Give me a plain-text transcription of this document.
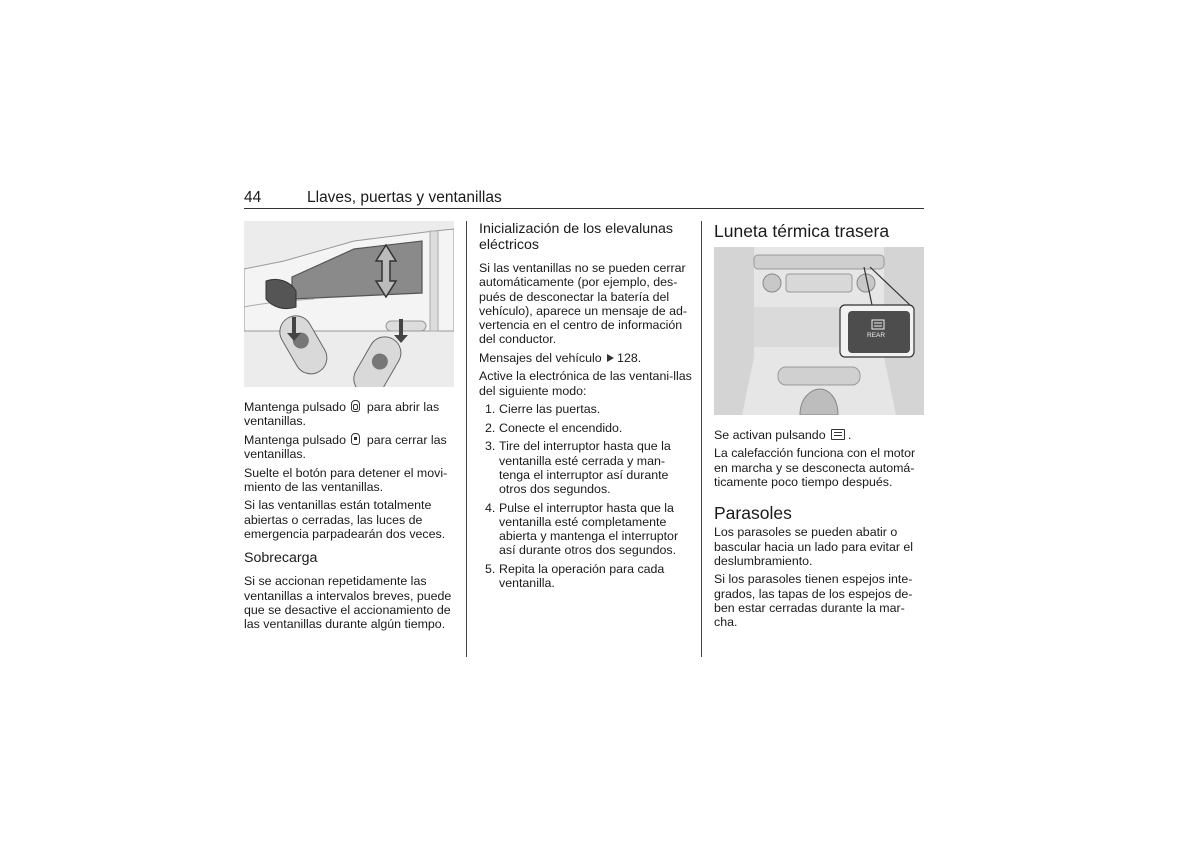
44	Llaves, puertas y ventanillas

Mantenga pulsado  para abrir las ventanillas.

Mantenga pulsado  para cerrar las ventanillas.

Suelte el botón para detener el movi-miento de las ventanillas.

Si las ventanillas están totalmente abiertas o cerradas, las luces de emergencia parpadearán dos veces.

Sobrecarga

Si se accionan repetidamente las ventanillas a intervalos breves, puede que se desactive el accionamiento de las ventanillas durante algún tiempo.

Inicialización de los elevalunas eléctricos

Si las ventanillas no se pueden cerrar automáticamente (por ejemplo, des-pués de desconectar la batería del vehículo), aparece un mensaje de ad-vertencia en el centro de información del conductor.

Mensajes del vehículo 128.

Active la electrónica de las ventani-llas del siguiente modo:

1. Cierre las puertas.
2. Conecte el encendido.
3. Tire del interruptor hasta que la ventanilla esté cerrada y man-tenga el interruptor así durante otros dos segundos.
4. Pulse el interruptor hasta que la ventanilla esté completamente abierta y mantenga el interruptor así durante otros dos segundos.
5. Repita la operación para cada ventanilla.
Luneta térmica trasera
REAR

Se activan pulsando .

La calefacción funciona con el motor en marcha y se desconecta automá-ticamente poco tiempo después.

Parasoles

Los parasoles se pueden abatir o bascular hacia un lado para evitar el deslumbramiento.

Si los parasoles tienen espejos inte-grados, las tapas de los espejos de-ben estar cerradas durante la mar-cha.
